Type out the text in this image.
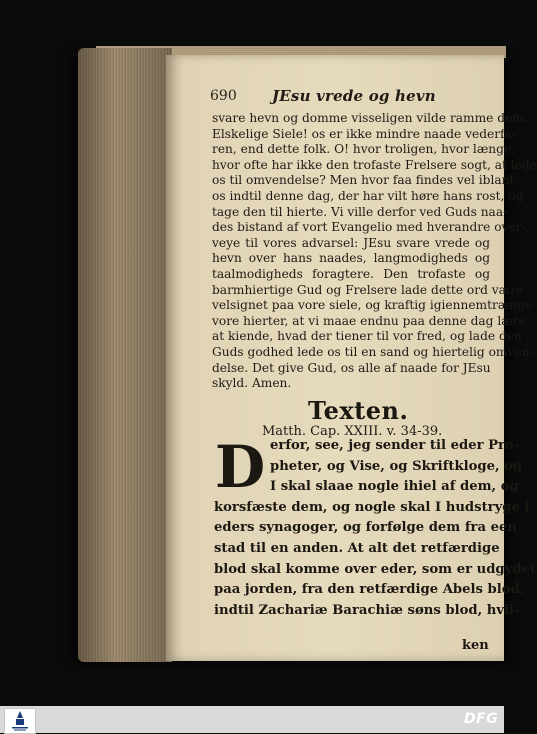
690 JEsu vrede og hevn
svare hevn og domme visseligen vilde ramme dem.
Elskelige Siele! os er ikke mindre naade vederfa-
ren, end dette folk. O! hvor troligen, hvor længe,
hvor ofte har ikke den trofaste Frelsere sogt, at lede
os til omvendelse? Men hvor faa findes vel iblant
os indtil denne dag, der har vilt høre hans rost, og
tage den til hierte. Vi ville derfor ved Guds naa-
des bistand af vort Evangelio med hverandre over-
veye til vores advarsel: JEsu svare vrede og
hevn over hans naades, langmodigheds og
taalmodigheds foragtere. Den trofaste og
barmhiertige Gud og Frelsere lade dette ord være
velsignet paa vore siele, og kraftig igiennemtrænge
vore hierter, at vi maae endnu paa denne dag lære
at kiende, hvad der tiener til vor fred, og lade den
Guds godhed lede os til en sand og hiertelig omven-
delse. Det give Gud, os alle af naade for JEsu
skyld. Amen.
Texten.
Matth. Cap. XXIII. v. 34-39.
D erfor, see, jeg sender til eder Pro-
pheter, og Vise, og Skriftkloge, og
I skal slaae nogle ihiel af dem, og
korsfæste dem, og nogle skal I hudstryge i
eders synagoger, og forfølge dem fra een
stad til en anden. At alt det retfærdige
blod skal komme over eder, som er udgydet
paa jorden, fra den retfærdige Abels blod,
indtil Zachariæ Barachiæ søns blod, hvil-
ken
DFG
